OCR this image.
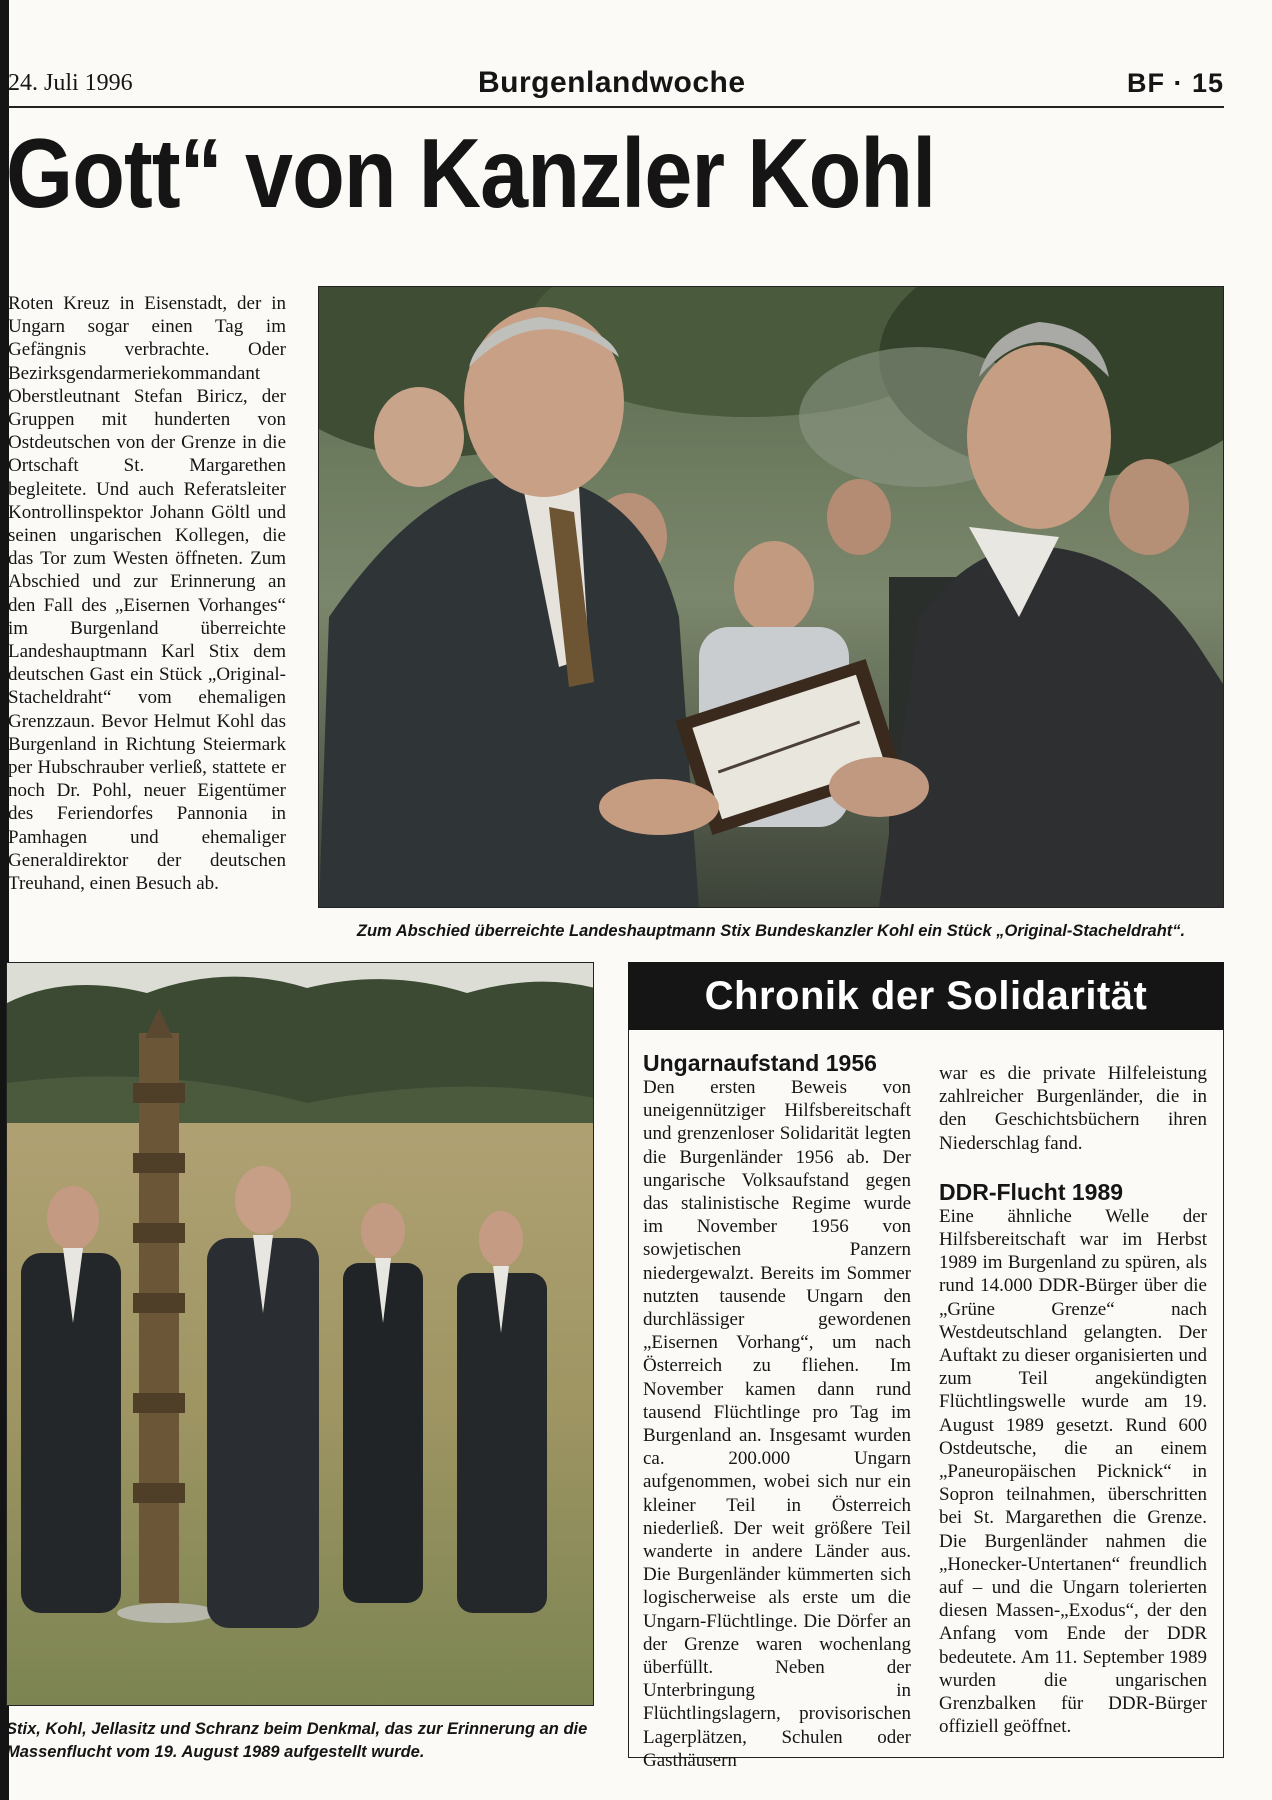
24. Juli 1996	Burgenlandwoche	BF · 15
Gott“ von Kanzler Kohl

Roten Kreuz in Eisenstadt, der in Ungarn sogar einen Tag im Gefängnis verbrachte. Oder Bezirksgendarmeriekommandant Oberstleutnant Stefan Biricz, der Gruppen mit hunderten von Ostdeutschen von der Grenze in die Ortschaft St. Margarethen begleitete. Und auch Referatsleiter Kontrollinspektor Johann Göltl und seinen ungarischen Kollegen, die das Tor zum Westen öffneten. Zum Abschied und zur Erinnerung an den Fall des „Eisernen Vorhanges“ im Burgenland überreichte Landeshauptmann Karl Stix dem deutschen Gast ein Stück „Original-Stacheldraht“ vom ehemaligen Grenzzaun. Bevor Helmut Kohl das Burgenland in Richtung Steiermark per Hubschrauber verließ, stattete er noch Dr. Pohl, neuer Eigentümer des Feriendorfes Pannonia in Pamhagen und ehemaliger Generaldirektor der deutschen Treuhand, einen Besuch ab.

Zum Abschied überreichte Landeshauptmann Stix Bundeskanzler Kohl ein Stück „Original-Stacheldraht“.
Stix, Kohl, Jellasitz und Schranz beim Denkmal, das zur Erinnerung an die Massenflucht vom 19. August 1989 aufgestellt wurde.
Chronik der Solidarität
Ungarnaufstand 1956

Den ersten Beweis von uneigennütziger Hilfsbereitschaft und grenzenloser Solidarität legten die Burgenländer 1956 ab. Der ungarische Volksaufstand gegen das stalinistische Regime wurde im November 1956 von sowjetischen Panzern niedergewalzt. Bereits im Sommer nutzten tausende Ungarn den durchlässiger gewordenen „Eisernen Vorhang“, um nach Österreich zu fliehen. Im November kamen dann rund tausend Flüchtlinge pro Tag im Burgenland an. Insgesamt wurden ca. 200.000 Ungarn aufgenommen, wobei sich nur ein kleiner Teil in Österreich niederließ. Der weit größere Teil wanderte in andere Länder aus. Die Burgenländer kümmerten sich logischerweise als erste um die Ungarn-Flüchtlinge. Die Dörfer an der Grenze waren wochenlang überfüllt. Neben der Unterbringung in Flüchtlingslagern, provisorischen Lagerplätzen, Schulen oder Gasthäusern

war es die private Hilfeleistung zahlreicher Burgenländer, die in den Geschichtsbüchern ihren Niederschlag fand.

DDR-Flucht 1989

Eine ähnliche Welle der Hilfsbereitschaft war im Herbst 1989 im Burgenland zu spüren, als rund 14.000 DDR-Bürger über die „Grüne Grenze“ nach Westdeutschland gelangten. Der Auftakt zu dieser organisierten und zum Teil angekündigten Flüchtlingswelle wurde am 19. August 1989 gesetzt. Rund 600 Ostdeutsche, die an einem „Paneuropäischen Picknick“ in Sopron teilnahmen, überschritten bei St. Margarethen die Grenze. Die Burgenländer nahmen die „Honecker-Untertanen“ freundlich auf – und die Ungarn tolerierten diesen Massen-„Exodus“, der den Anfang vom Ende der DDR bedeutete. Am 11. September 1989 wurden die ungarischen Grenzbalken für DDR-Bürger offiziell geöffnet.
